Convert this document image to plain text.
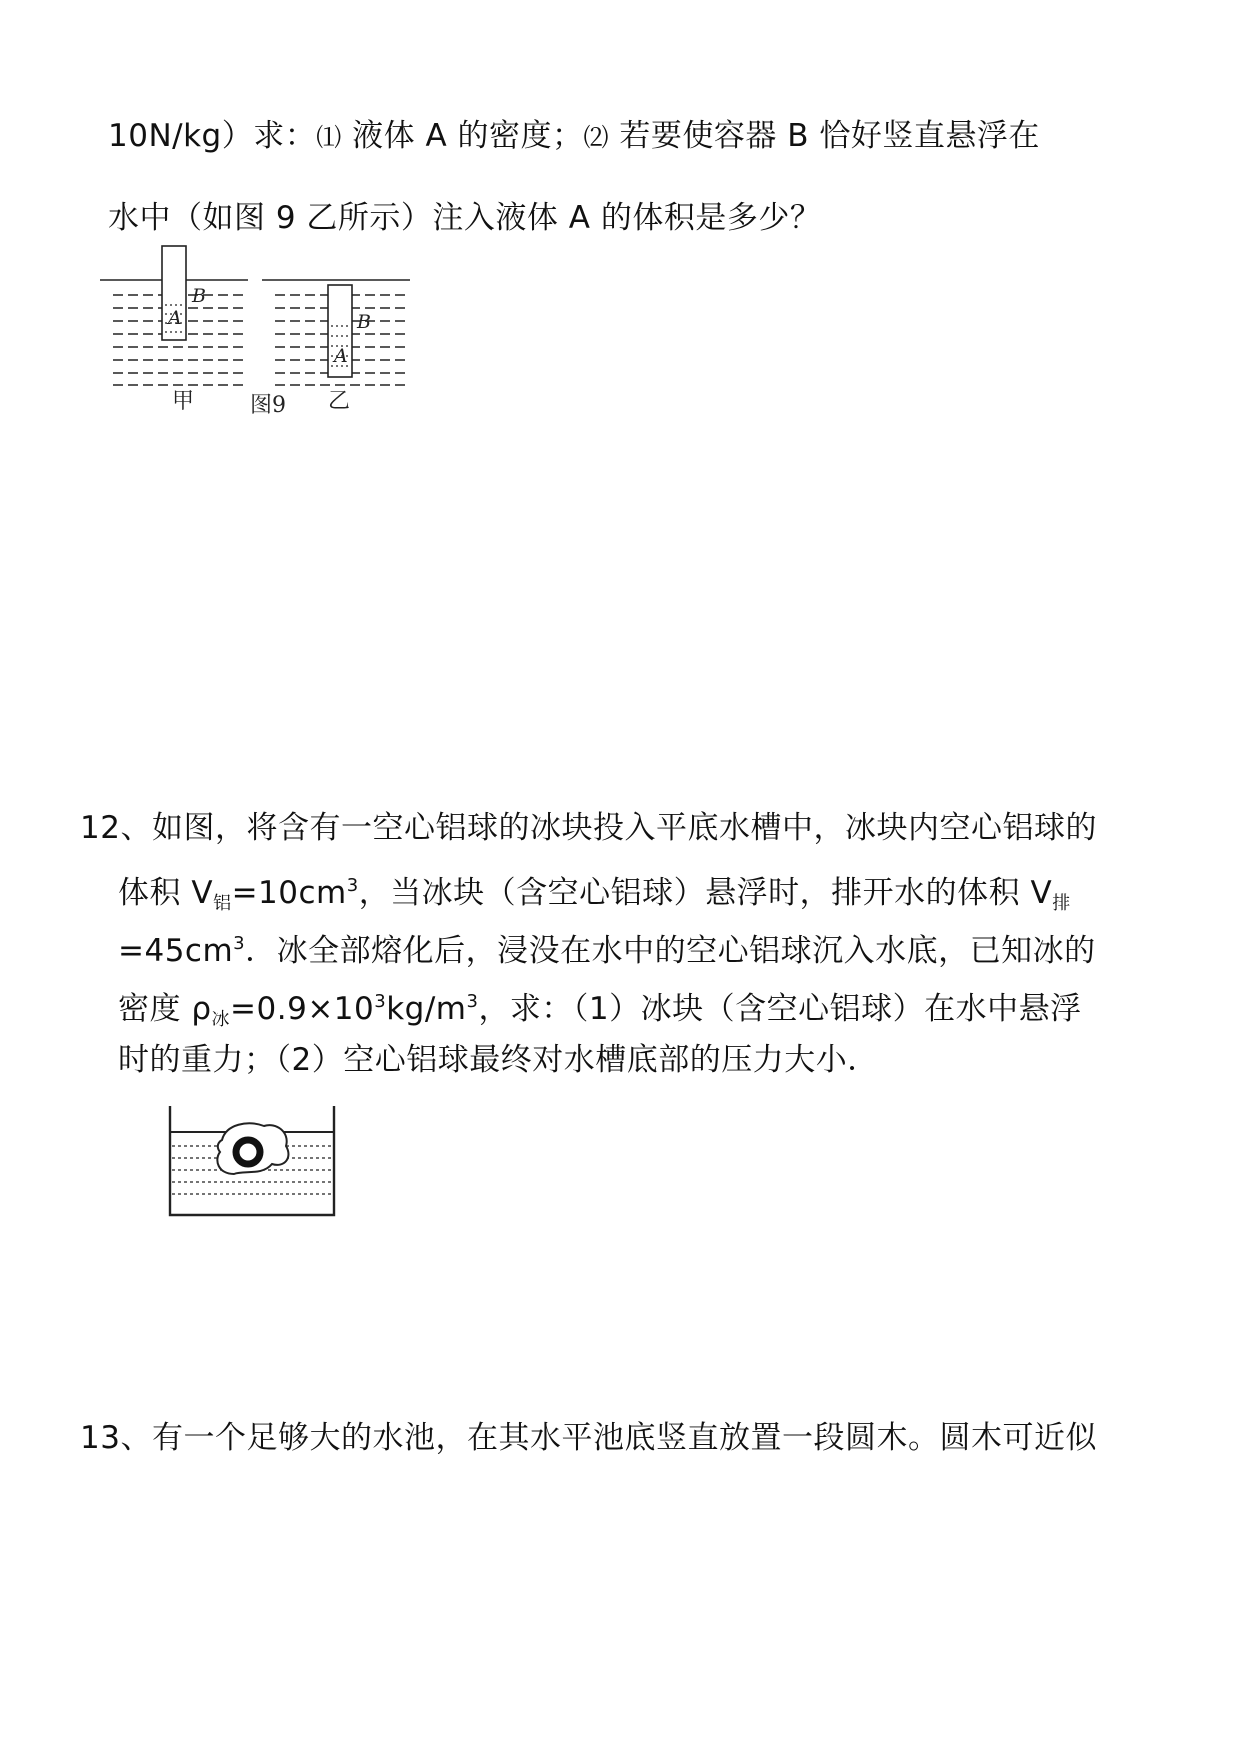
10N/kg）求：⑴ 液体 A 的密度；⑵ 若要使容器 B 恰好竖直悬浮在
水中（如图 9 乙所示）注入液体 A 的体积是多少？
B
A	B
A
甲	图9 乙
12、如图，将含有一空心铝球的冰块投入平底水槽中，冰块内空心铝球的
体积 $V_铝=10cm^3$，当冰块（含空心铝球）悬浮时，排开水的体积 $V_排$
$=45cm^3$．冰全部熔化后，浸没在水中的空心铝球沉入水底，已知冰的
密度 $\rho_冰=0.9\times 10^3kg/m^3$，求：（1）冰块（含空心铝球）在水中悬浮
时的重力；（2）空心铝球最终对水槽底部的压力大小．
13、有一个足够大的水池，在其水平池底竖直放置一段圆木。圆木可近似
